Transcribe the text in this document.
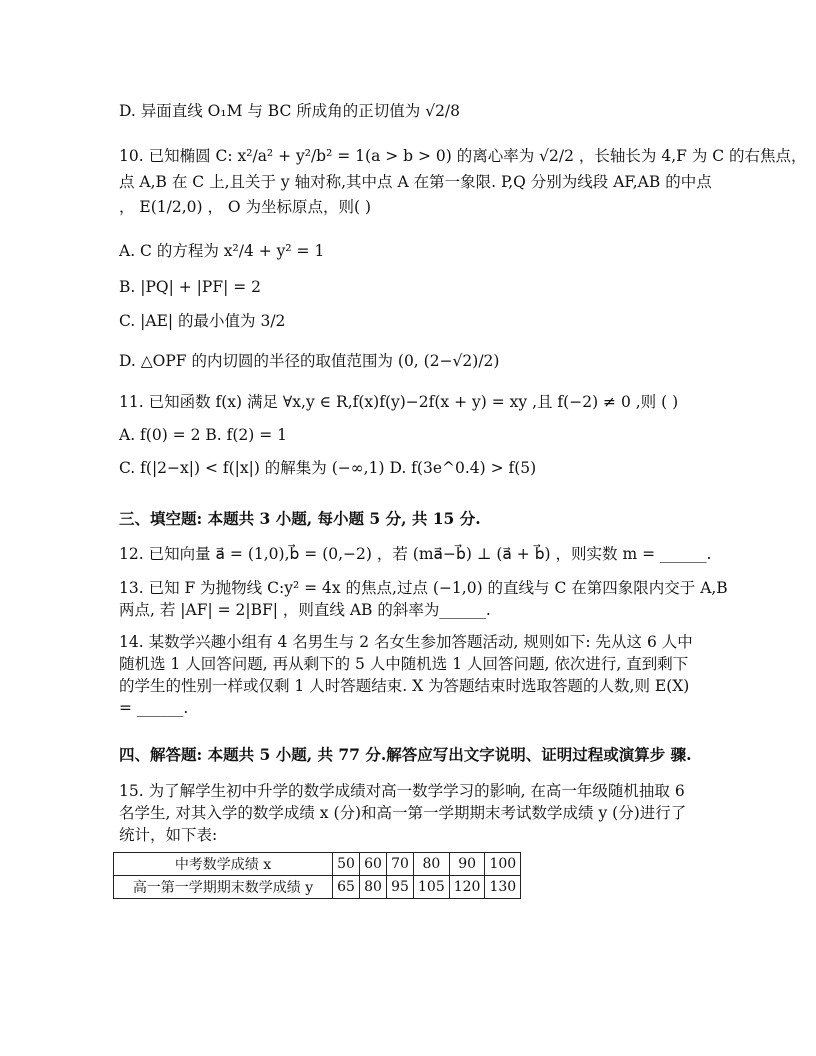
D. 异面直线 O₁M 与 BC 所成角的正切值为 √2/8
10. 已知椭圆 C: x²/a² + y²/b² = 1(a > b > 0) 的离心率为 √2/2 ，长轴长为 4,F 为 C 的右焦点，
点 A,B 在 C 上,且关于 y 轴对称,其中点 A 在第一象限. P,Q 分别为线段 AF,AB 的中点
， E(1/2,0) ， O 为坐标原点，则( )
A. C 的方程为 x²/4 + y² = 1
B. |PQ| + |PF| = 2
C. |AE| 的最小值为 3/2
D. △OPF 的内切圆的半径的取值范围为 (0, (2−√2)/2)
11. 已知函数 f(x) 满足 ∀x,y ∈ R,f(x)f(y)−2f(x + y) = xy ,且 f(−2) ≠ 0 ,则 ( )
A. f(0) = 2 B. f(2) = 1
C. f(|2−x|) < f(|x|) 的解集为 (−∞,1) D. f(3e^0.4) > f(5)
三、填空题: 本题共 3 小题, 每小题 5 分, 共 15 分.
12. 已知向量 a⃗ = (1,0),b⃗ = (0,−2) ，若 (ma⃗−b⃗) ⊥ (a⃗ + b⃗) ，则实数 m = ______.
13. 已知 F 为抛物线 C:y² = 4x 的焦点,过点 (−1,0) 的直线与 C 在第四象限内交于 A,B
两点, 若 |AF| = 2|BF| ，则直线 AB 的斜率为______.
14. 某数学兴趣小组有 4 名男生与 2 名女生参加答题活动, 规则如下: 先从这 6 人中
随机选 1 人回答问题, 再从剩下的 5 人中随机选 1 人回答问题, 依次进行, 直到剩下
的学生的性别一样或仅剩 1 人时答题结束. X 为答题结束时选取答题的人数,则 E(X)
= ______.
四、解答题: 本题共 5 小题, 共 77 分.解答应写出文字说明、证明过程或演算步 骤.
15. 为了解学生初中升学的数学成绩对高一数学学习的影响, 在高一年级随机抽取 6
名学生, 对其入学的数学成绩 x (分)和高一第一学期期末考试数学成绩 y (分)进行了
统计，如下表:
中考数学成绩 x	50	60	70	80	90	100
高一第一学期期末数学成绩 y	65	80	95	105	120	130
